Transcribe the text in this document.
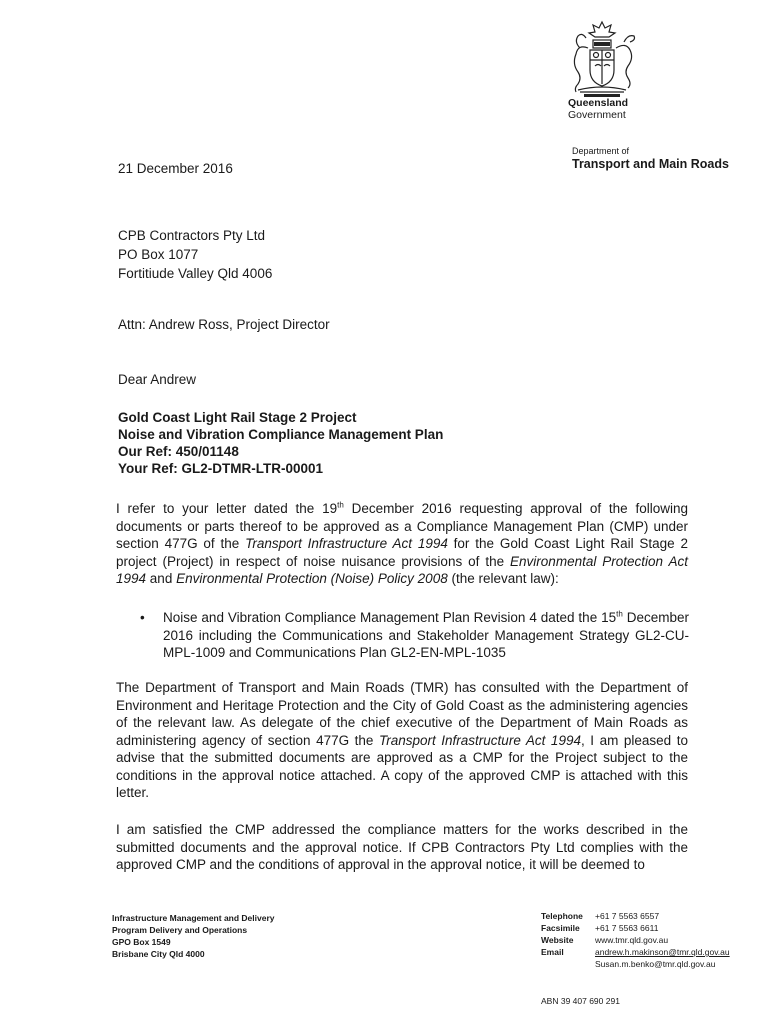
Queensland
Government
Department of
Transport and Main Roads
21 December 2016
CPB Contractors Pty Ltd
PO Box 1077
Fortitiude Valley Qld 4006
Attn: Andrew Ross, Project Director
Dear Andrew
Gold Coast Light Rail Stage 2 Project
Noise and Vibration Compliance Management Plan
Our Ref: 450/01148
Your Ref: GL2-DTMR-LTR-00001
I refer to your letter dated the 19th December 2016 requesting approval of the following documents or parts thereof to be approved as a Compliance Management Plan (CMP) under section 477G of the Transport Infrastructure Act 1994 for the Gold Coast Light Rail Stage 2 project (Project) in respect of noise nuisance provisions of the Environmental Protection Act 1994 and Environmental Protection (Noise) Policy 2008 (the relevant law):
• Noise and Vibration Compliance Management Plan Revision 4 dated the 15th December 2016 including the Communications and Stakeholder Management Strategy GL2-CU-MPL-1009 and Communications Plan GL2-EN-MPL-1035
The Department of Transport and Main Roads (TMR) has consulted with the Department of Environment and Heritage Protection and the City of Gold Coast as the administering agencies of the relevant law. As delegate of the chief executive of the Department of Main Roads as administering agency of section 477G the Transport Infrastructure Act 1994, I am pleased to advise that the submitted documents are approved as a CMP for the Project subject to the conditions in the approval notice attached. A copy of the approved CMP is attached with this letter.
I am satisfied the CMP addressed the compliance matters for the works described in the submitted documents and the approval notice. If CPB Contractors Pty Ltd complies with the approved CMP and the conditions of approval in the approval notice, it will be deemed to
Infrastructure Management and Delivery
Program Delivery and Operations
GPO Box 1549
Brisbane City Qld 4000
Telephone	+61 7 5563 6557
Facsimile	+61 7 5563 6611
Website	www.tmr.qld.gov.au
Email	andrew.h.makinson@tmr.qld.gov.au
Susan.m.benko@tmr.qld.gov.au
ABN 39 407 690 291
